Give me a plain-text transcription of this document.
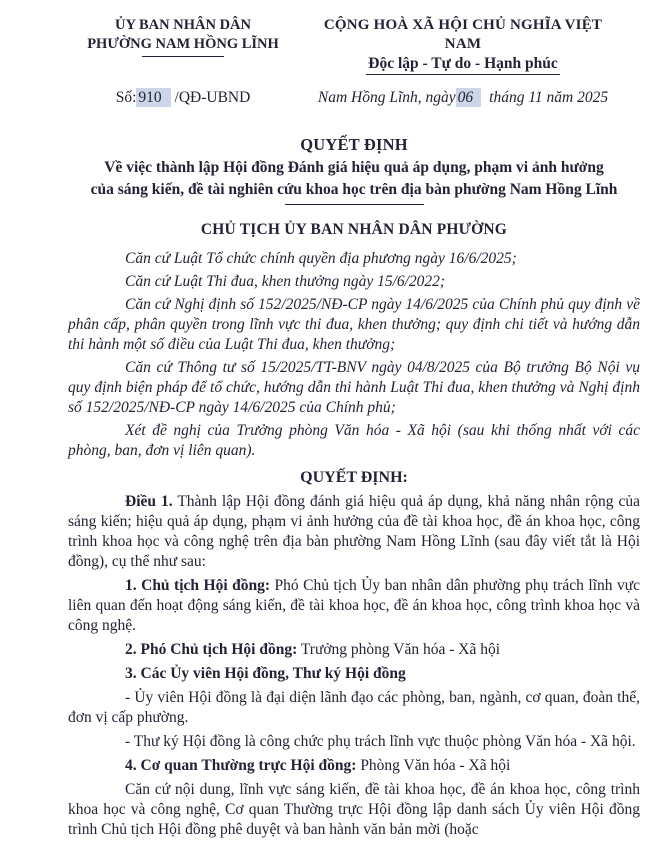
ỦY BAN NHÂN DÂN
PHƯỜNG NAM HỒNG LĨNH
CỘNG HOÀ XÃ HỘI CHỦ NGHĨA VIỆT NAM
Độc lập - Tự do - Hạnh phúc
Số: 910 /QĐ-UBND	Nam Hồng Lĩnh, ngày 06 tháng 11 năm 2025
QUYẾT ĐỊNH
Về việc thành lập Hội đồng Đánh giá hiệu quả áp dụng, phạm vi ảnh hưởng
của sáng kiến, đề tài nghiên cứu khoa học trên địa bàn phường Nam Hồng Lĩnh
CHỦ TỊCH ỦY BAN NHÂN DÂN PHƯỜNG

Căn cứ Luật Tổ chức chính quyền địa phương ngày 16/6/2025;

Căn cứ Luật Thi đua, khen thưởng ngày 15/6/2022;

Căn cứ Nghị định số 152/2025/NĐ-CP ngày 14/6/2025 của Chính phủ quy định về phân cấp, phân quyền trong lĩnh vực thi đua, khen thưởng; quy định chi tiết và hướng dẫn thi hành một số điều của Luật Thi đua, khen thưởng;

Căn cứ Thông tư số 15/2025/TT-BNV ngày 04/8/2025 của Bộ trưởng Bộ Nội vụ quy định biện pháp để tổ chức, hướng dẫn thi hành Luật Thi đua, khen thưởng và Nghị định số 152/2025/NĐ-CP ngày 14/6/2025 của Chính phủ;

Xét đề nghị của Trưởng phòng Văn hóa - Xã hội (sau khi thống nhất với các phòng, ban, đơn vị liên quan).

QUYẾT ĐỊNH:

Điều 1. Thành lập Hội đồng đánh giá hiệu quả áp dụng, khả năng nhân rộng của sáng kiến; hiệu quả áp dụng, phạm vi ảnh hưởng của đề tài khoa học, đề án khoa học, công trình khoa học và công nghệ trên địa bàn phường Nam Hồng Lĩnh (sau đây viết tắt là Hội đồng), cụ thể như sau:

1. Chủ tịch Hội đồng: Phó Chủ tịch Ủy ban nhân dân phường phụ trách lĩnh vực liên quan đến hoạt động sáng kiến, đề tài khoa học, đề án khoa học, công trình khoa học và công nghệ.

2. Phó Chủ tịch Hội đồng: Trưởng phòng Văn hóa - Xã hội

3. Các Ủy viên Hội đồng, Thư ký Hội đồng

- Ủy viên Hội đồng là đại diện lãnh đạo các phòng, ban, ngành, cơ quan, đoàn thể, đơn vị cấp phường.

- Thư ký Hội đồng là công chức phụ trách lĩnh vực thuộc phòng Văn hóa - Xã hội.

4. Cơ quan Thường trực Hội đồng: Phòng Văn hóa - Xã hội

Căn cứ nội dung, lĩnh vực sáng kiến, đề tài khoa học, đề án khoa học, công trình khoa học và công nghệ, Cơ quan Thường trực Hội đồng lập danh sách Ủy viên Hội đồng trình Chủ tịch Hội đồng phê duyệt và ban hành văn bản mời (hoặc
